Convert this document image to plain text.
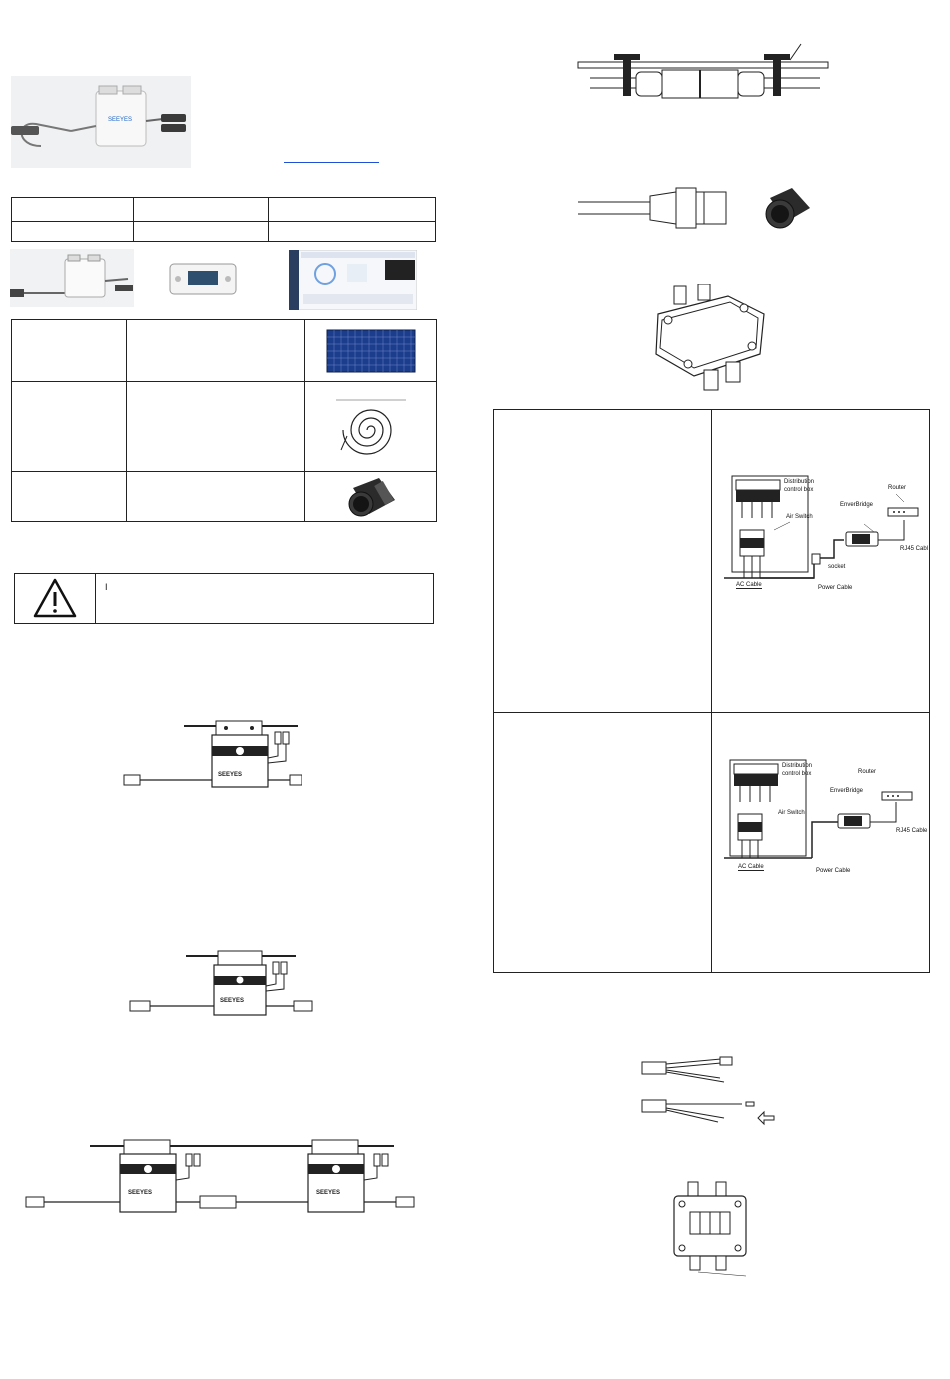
SEEYES

I
SEEYES
SEEYES
SEEYES	SEEYES
Distribution
control box
Air Switch
Router
EnverBridge
RJ45 Cabl
socket
AC Cable	Power Cable
Distribution
control box
Air Switch
Router
EnverBridge
RJ45 Cable
AC Cable
Power Cable
